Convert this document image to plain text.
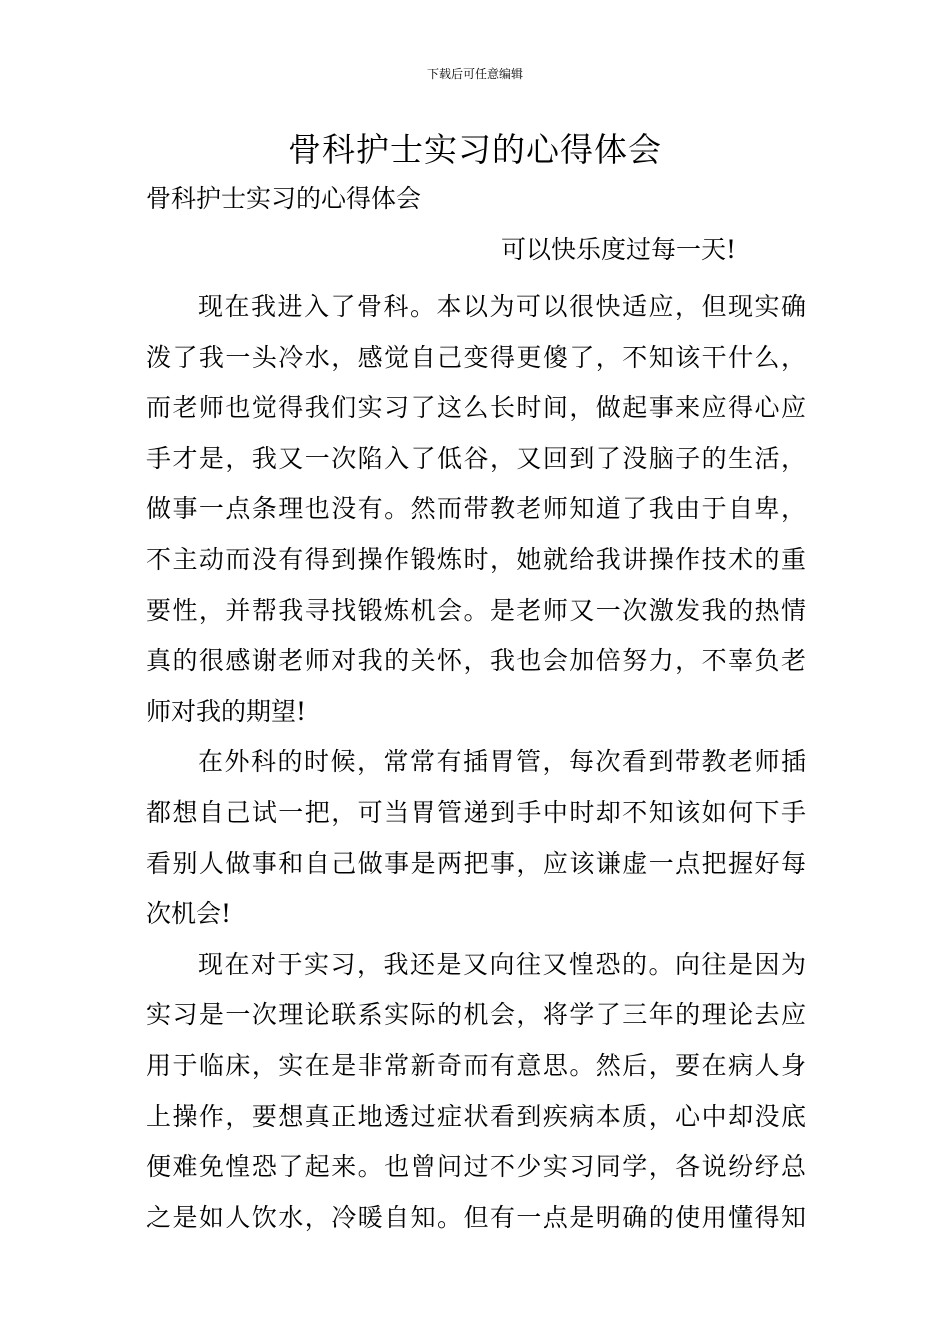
下载后可任意编辑
骨科护士实习的心得体会
骨科护士实习的心得体会
可以快乐度过每一天!
现在我进入了骨科。本以为可以很快适应，但现实确
泼了我一头冷水，感觉自己变得更傻了，不知该干什么，
而老师也觉得我们实习了这么长时间，做起事来应得心应
手才是，我又一次陷入了低谷，又回到了没脑子的生活，
做事一点条理也没有。然而带教老师知道了我由于自卑，
不主动而没有得到操作锻炼时，她就给我讲操作技术的重
要性，并帮我寻找锻炼机会。是老师又一次激发我的热情
真的很感谢老师对我的关怀，我也会加倍努力，不辜负老
师对我的期望!
在外科的时候，常常有插胃管，每次看到带教老师插
都想自己试一把，可当胃管递到手中时却不知该如何下手
看别人做事和自己做事是两把事，应该谦虚一点把握好每
次机会!
现在对于实习，我还是又向往又惶恐的。向往是因为
实习是一次理论联系实际的机会，将学了三年的理论去应
用于临床，实在是非常新奇而有意思。然后，要在病人身
上操作，要想真正地透过症状看到疾病本质，心中却没底
便难免惶恐了起来。也曾问过不少实习同学，各说纷纾总
之是如人饮水，冷暖自知。但有一点是明确的使用懂得知
